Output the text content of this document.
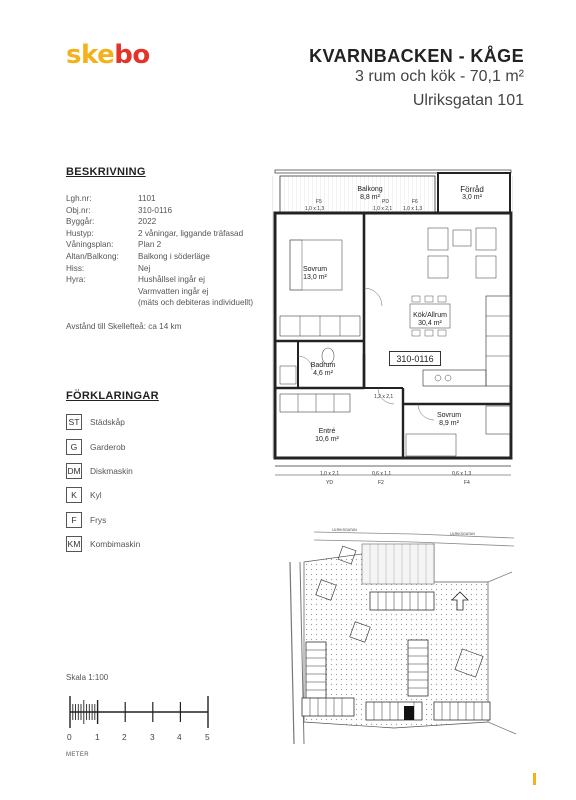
skebo	KVARNBACKEN - KÅGE
3 rum och kök - 70,1 m²
Ulriksgatan 101
BESKRIVNING
Lgh.nr:	1101
Obj.nr:	310-0116
Byggår:	2022
Hustyp:	2 våningar, liggande träfasad
Våningsplan:	Plan 2
Altan/Balkong:	Balkong i söderläge
Hiss:	Nej
Hyra:	Hushållsel ingår ej
Varmvatten ingår ej
(mäts och debiteras individuellt)
Avstånd till Skellefteå: ca 14 km
FÖRKLARINGAR
ST Städskåp
G	Garderob
DM Diskmaskin
K	Kyl
F	Frys
KM Kombimaskin
Skala 1:100
0	1	2	3	4	5
METER
Balkong
8,8 m²
Förråd
3,0 m²
Sovrum
13,0 m²
Kök/Allrum
30,4 m²
Badrum
4,6 m²
Entré
10,6 m²
Sovrum
8,9 m²
310-0116
F5	F6
PD
1,0 x 1,3	1,0 x 2,1 1,0 x 1,3
1,2 x 2,1
1,0 x 2,1	0,6 x 1,1	0,6 x 1,3
YD	F2	F4
ULRIKSGATAN
ULRIKSGATAN
